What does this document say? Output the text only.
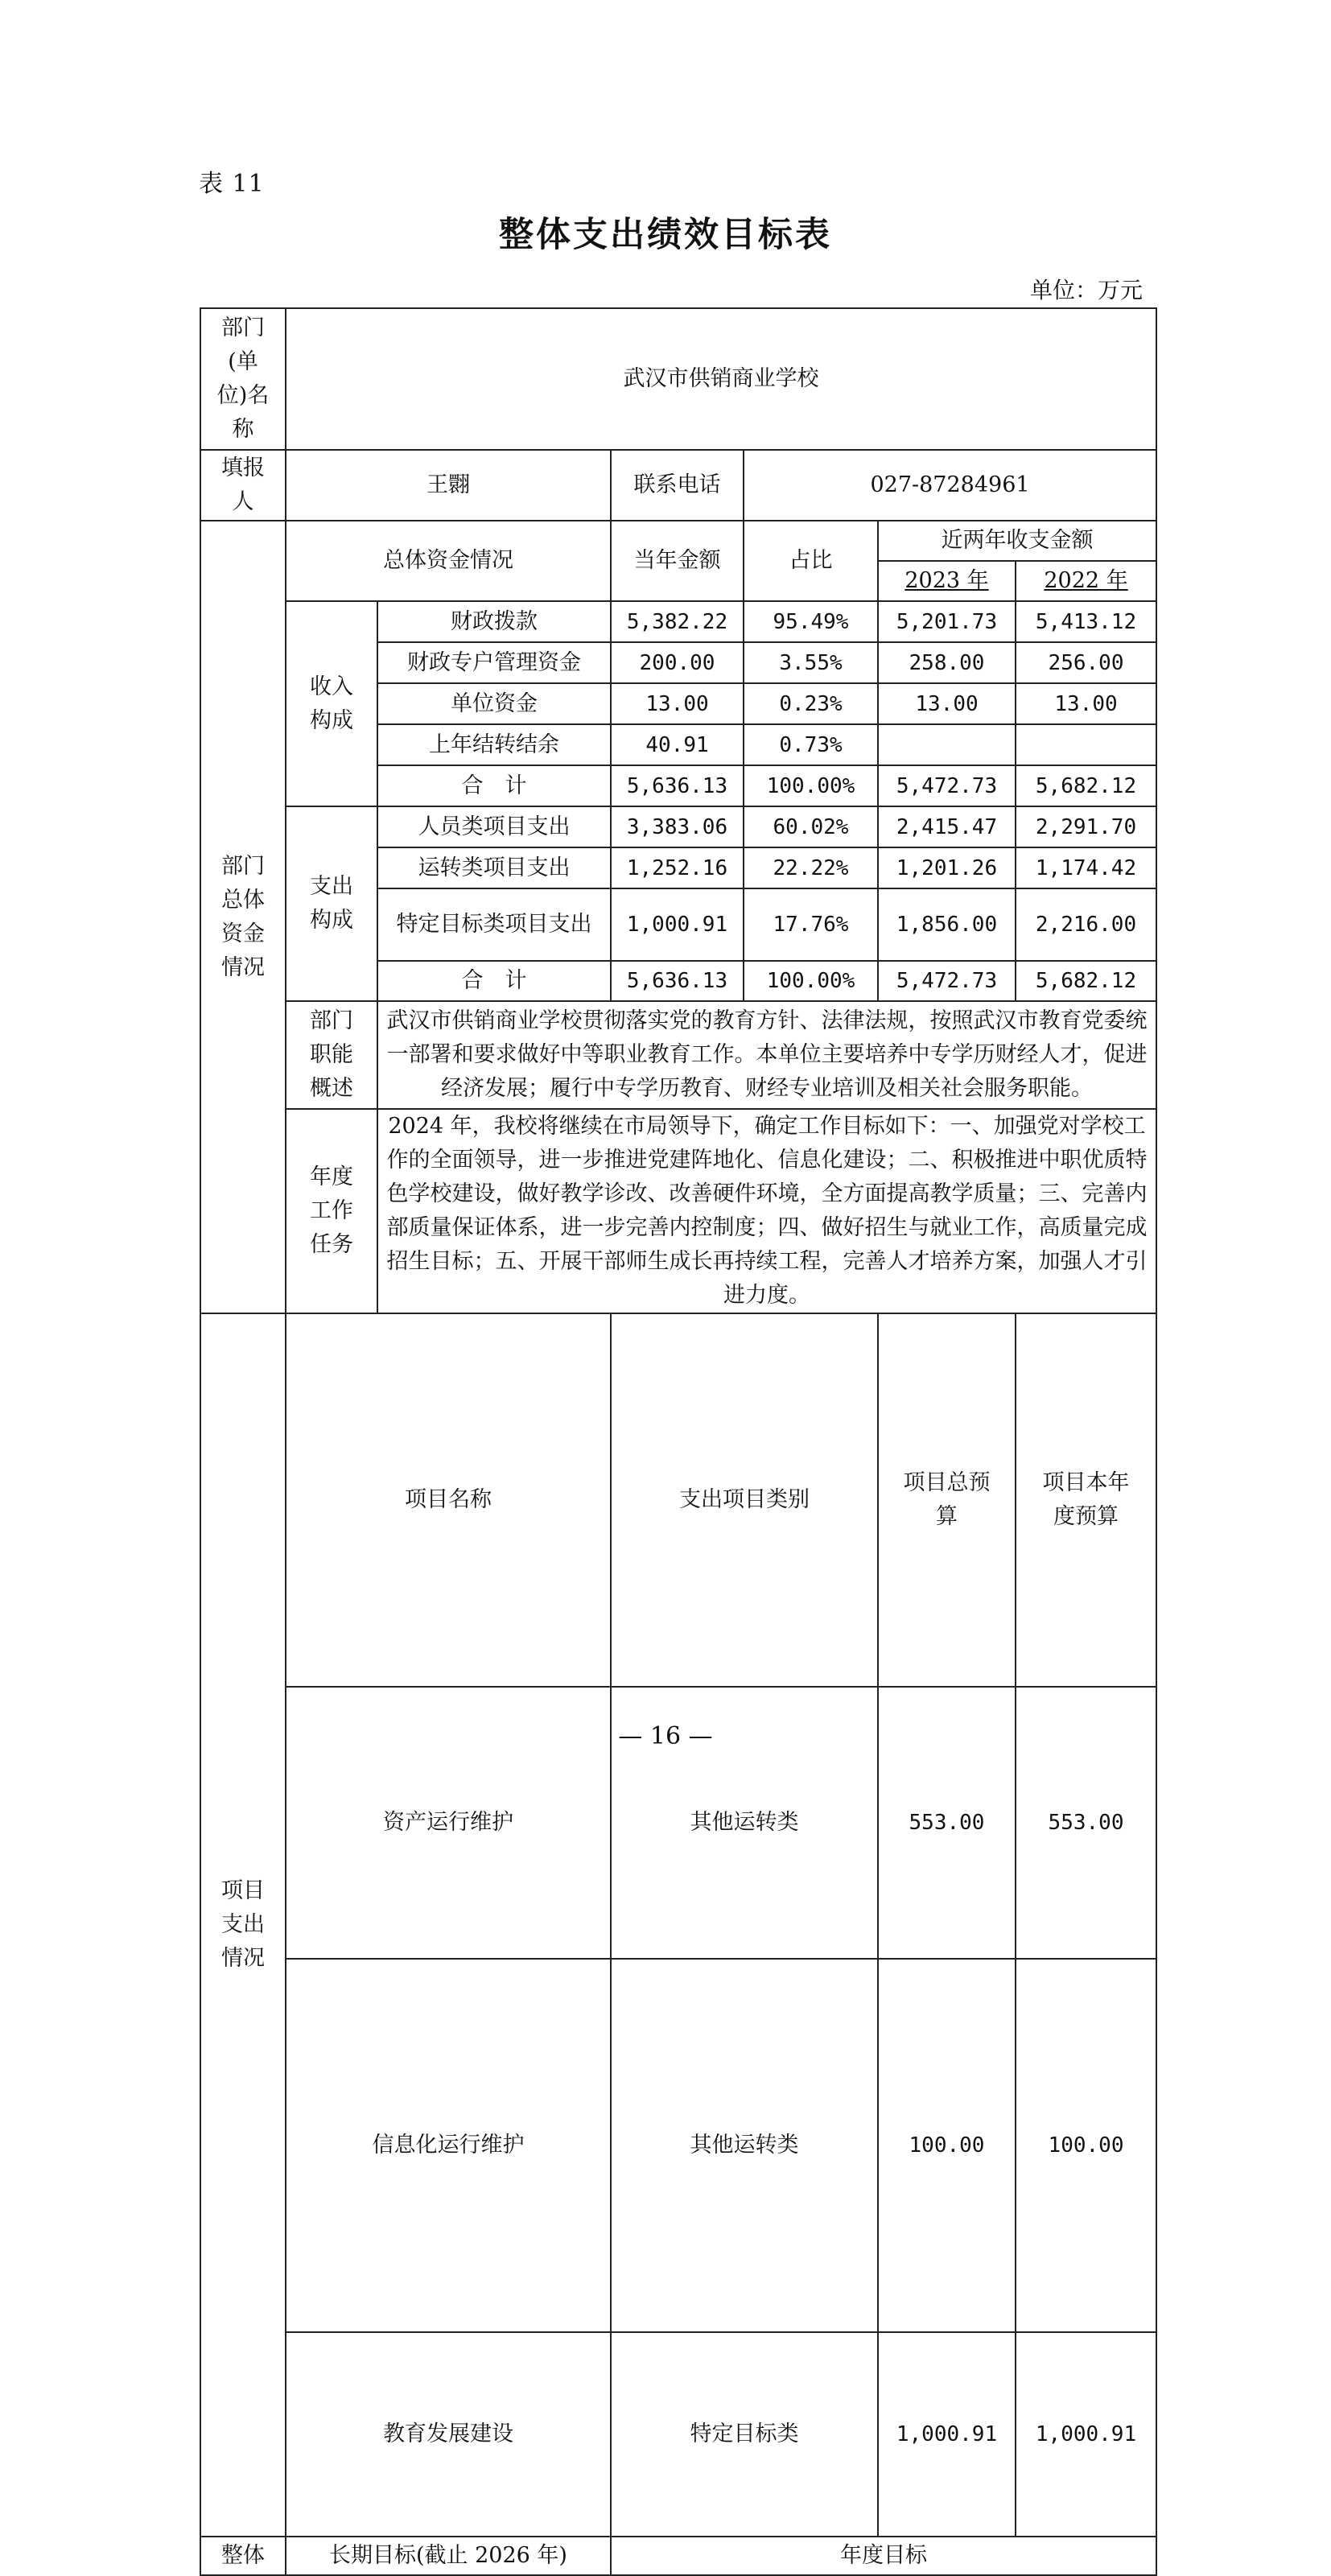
表 11
整体支出绩效目标表
单位：万元
部门
(单
位)名
称	武汉市供销商业学校						

填报
人	王翾		联系电话	027-87284961			

部门
总体
资金
情况	总体资金情况		当年金额	占比	近两年收支金额		
					2023 年	2022 年	

	收入
构成	财政拨款	5,382.22	95.49%	5,201.73	5,413.12	
		财政专户管理资金	200.00	3.55%	258.00	256.00	
		单位资金	13.00	0.23%	13.00	13.00	
		上年结转结余	40.91	0.73%			
		合　计	5,636.13	100.00%	5,472.73	5,682.12	

	支出
构成	人员类项目支出	3,383.06	60.02%	2,415.47	2,291.70	
		运转类项目支出	1,252.16	22.22%	1,201.26	1,174.42	
		特定目标类项目支出	1,000.91	17.76%	1,856.00	2,216.00	
		合　计	5,636.13	100.00%	5,472.73	5,682.12	

	部门
职能
概述	武汉市供销商业学校贯彻落实党的教育方针、法律法规，按照武汉市教育党委统一部署和要求做好中等职业教育工作。本单位主要培养中专学历财经人才，促进经济发展；履行中专学历教育、财经专业培训及相关社会服务职能。					

	年度
工作
任务	2024 年，我校将继续在市局领导下，确定工作目标如下：一、加强党对学校工作的全面领导，进一步推进党建阵地化、信息化建设；二、积极推进中职优质特色学校建设，做好教学诊改、改善硬件环境，全方面提高教学质量；三、完善内部质量保证体系，进一步完善内控制度；四、做好招生与就业工作，高质量完成招生目标；五、开展干部师生成长再持续工程，完善人才培养方案，加强人才引进力度。					

项目
支出
情况	项目名称		支出项目类别		项目总预算	项目本年度预算	
	资产运行维护		其他运转类		553.00	553.00	
	信息化运行维护		其他运转类		100.00	100.00	
	教育发展建设		特定目标类		1,000.91	1,000.91	
整体	长期目标(截止 2026 年)		年度目标				
— 16 —
